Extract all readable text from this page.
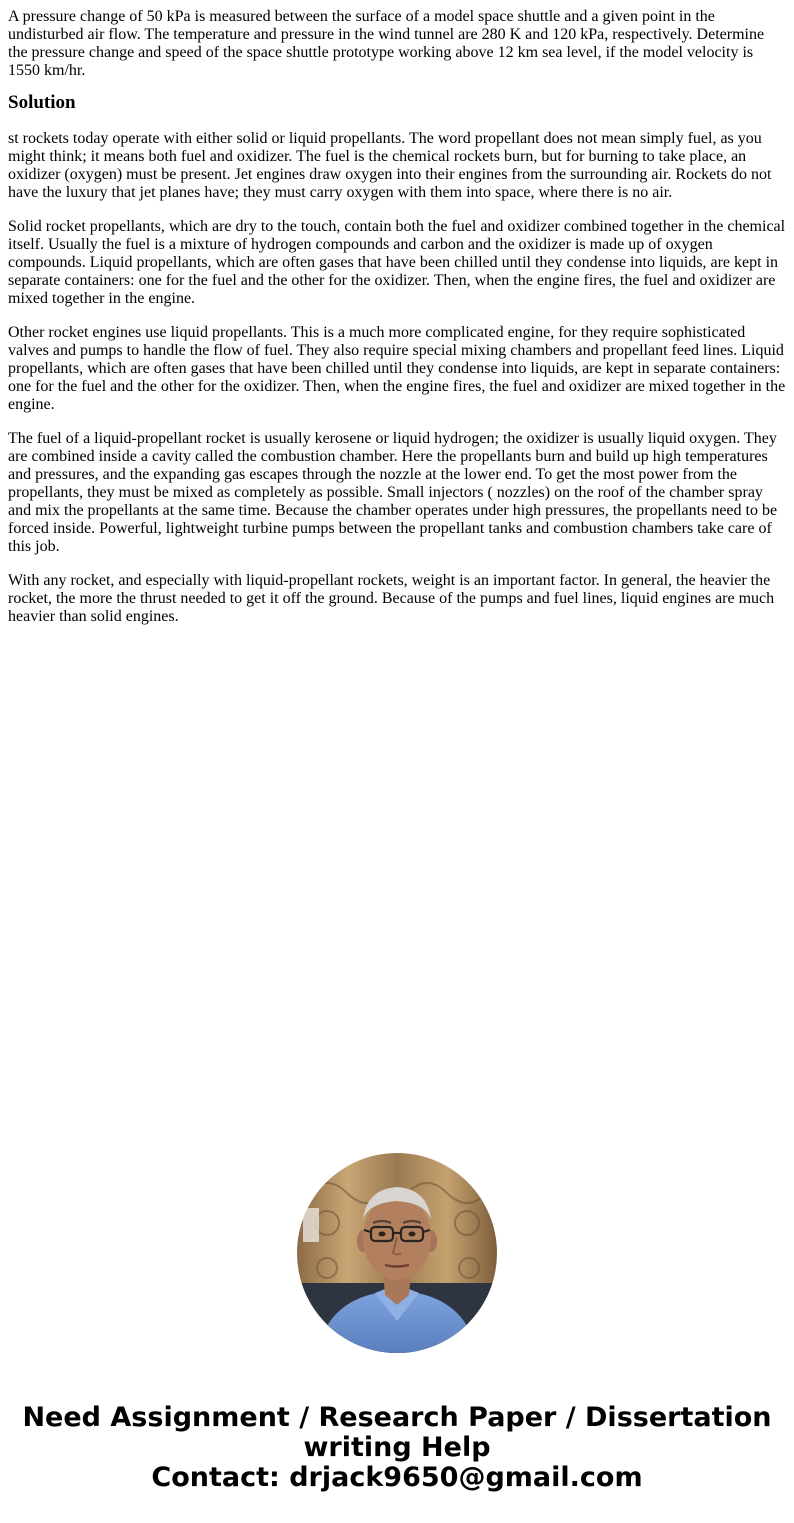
A pressure change of 50 kPa is measured between the surface of a model space shuttle and a given point in the undisturbed air flow. The temperature and pressure in the wind tunnel are 280 K and 120 kPa, respectively. Determine the pressure change and speed of the space shuttle prototype working above 12 km sea level, if the model velocity is 1550 km/hr.

Solution

st rockets today operate with either solid or liquid propellants. The word propellant does not mean simply fuel, as you might think; it means both fuel and oxidizer. The fuel is the chemical rockets burn, but for burning to take place, an oxidizer (oxygen) must be present. Jet engines draw oxygen into their engines from the surrounding air. Rockets do not have the luxury that jet planes have; they must carry oxygen with them into space, where there is no air.

Solid rocket propellants, which are dry to the touch, contain both the fuel and oxidizer combined together in the chemical itself. Usually the fuel is a mixture of hydrogen compounds and carbon and the oxidizer is made up of oxygen compounds. Liquid propellants, which are often gases that have been chilled until they condense into liquids, are kept in separate containers: one for the fuel and the other for the oxidizer. Then, when the engine fires, the fuel and oxidizer are mixed together in the engine.

Other rocket engines use liquid propellants. This is a much more complicated engine, for they require sophisticated valves and pumps to handle the flow of fuel. They also require special mixing chambers and propellant feed lines. Liquid propellants, which are often gases that have been chilled until they condense into liquids, are kept in separate containers: one for the fuel and the other for the oxidizer. Then, when the engine fires, the fuel and oxidizer are mixed together in the engine.

The fuel of a liquid-propellant rocket is usually kerosene or liquid hydrogen; the oxidizer is usually liquid oxygen. They are combined inside a cavity called the combustion chamber. Here the propellants burn and build up high temperatures and pressures, and the expanding gas escapes through the nozzle at the lower end. To get the most power from the propellants, they must be mixed as completely as possible. Small injectors ( nozzles) on the roof of the chamber spray and mix the propellants at the same time. Because the chamber operates under high pressures, the propellants need to be forced inside. Powerful, lightweight turbine pumps between the propellant tanks and combustion chambers take care of this job.

With any rocket, and especially with liquid-propellant rockets, weight is an important factor. In general, the heavier the rocket, the more the thrust needed to get it off the ground. Because of the pumps and fuel lines, liquid engines are much heavier than solid engines.

Need Assignment / Research Paper / Dissertation
writing Help
Contact: drjack9650@gmail.com
